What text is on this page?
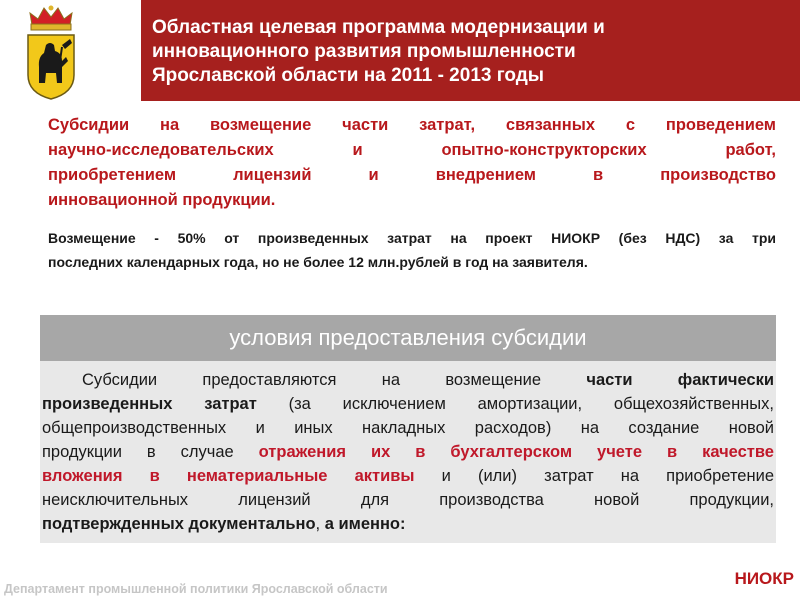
Областная целевая программа модернизации и
инновационного развития промышленности
Ярославской области на 2011 - 2013 годы
Субсидии на возмещение части затрат, связанных с проведением
научно-исследовательских и опытно-конструкторских работ,
приобретением лицензий и внедрением в производство
инновационной продукции.
Возмещение - 50% от произведенных затрат на проект НИОКР (без НДС) за три
последних календарных года, но не более 12 млн.рублей в год на заявителя.
условия предоставления субсидии
Субсидии предоставляются на возмещение части фактически
произведенных затрат (за исключением амортизации, общехозяйственных,
общепроизводственных и иных накладных расходов) на создание новой
продукции в случае отражения их в бухгалтерском учете в качестве
вложения в нематериальные активы и (или) затрат на приобретение
неисключительных лицензий для производства новой продукции,
подтвержденных документально, а именно:
Департамент промышленной политики Ярославской области
НИОКР
